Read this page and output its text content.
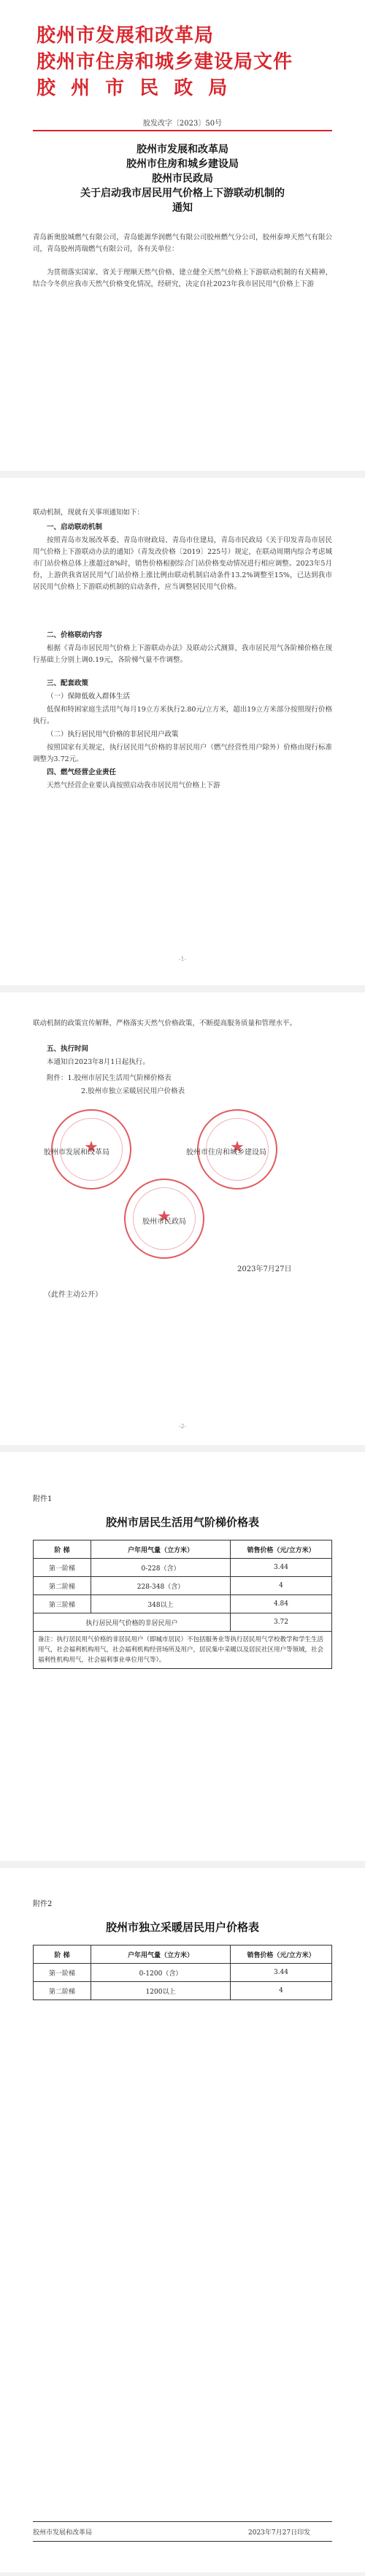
胶州市发展和改革局
胶州市住房和城乡建设局文件
胶 州 市 民 政 局
胶发改字〔2023〕50号
胶州市发展和改革局
胶州市住房和城乡建设局
胶州市民政局
关于启动我市居民用气价格上下游联动机制的
通知
青岛新奥胶城燃气有限公司，青岛能源华润燃气有限公司胶州燃气分公司，胶州泰坤天然气有限公司，青岛胶州湾瑞燃气有限公司，各有关单位：
为贯彻落实国家、省关于理顺天然气价格、建立健全天然气价格上下游联动机制的有关精神，结合今冬供应我市天然气价格变化情况，经研究，决定自社2023年我市居民用气价格上下游
联动机制，现就有关事项通知如下：
一、启动联动机制
按照青岛市发展改革委、青岛市财政局、青岛市住建局，青岛市民政局《关于印发青岛市居民用气价格上下游联动办法的通知》（青发改价格〔2019〕225号）规定，在联动周期内综合考虑城市门站价格总体上涨超过8%时，销售价格根据综合门站价格变动情况进行相应调整。2023年5月份，上游供我省居民用气门站价格上涨比例由联动机制启动条件13.2%调整至15%，已达到我市居民用气价格上下游联动机制的启动条件，应当调整居民用气价格。
二、价格联动内容
根据《青岛市居民用气价格上下游联动办法》及联动公式测算，我市居民用气各阶梯价格在现行基础上分别上调0.19元，各阶梯气量不作调整。
三、配套政策
（一）保障低收入群体生活
低保和特困家庭生活用气每月19立方米执行2.80元/立方米，超出19立方米部分按照现行价格执行。
（二）执行居民用气价格的非居民用户政策
按照国家有关规定，执行居民用气价格的非居民用户（燃气经营性用户除外）价格由现行标准调整为3.72元。
四、燃气经营企业责任
天然气经营企业要认真按照启动我市居民用气价格上下游
-1-
联动机制的政策宣传解释，严格落实天然气价格政策，不断提高服务质量和管理水平。
五、执行时间
本通知自2023年8月1日起执行。
附件：1.胶州市居民生活用气阶梯价格表
2.胶州市独立采暖居民用户价格表
★
★
★
胶州市发展和改革局	胶州市住房和城乡建设局
胶州市民政局
2023年7月27日
（此件主动公开）
-2-
附件1
胶州市居民生活用气阶梯价格表
阶 梯	户年用气量（立方米）	销售价格（元/立方米）
第一阶梯	0-228（含）	3.44
第二阶梯	228-348（含）	4
第三阶梯	348以上	4.84
执行居民用气价格的非居民用户		3.72
备注：执行居民用气价格的非居民用户（即城市居民）不包括服务业等执行居民用气学校教学和学生生活用气，社会福利机构用气，社会福利机构经营场所及用户，居民集中采暖以及居民社区用户等领域，社会福利性机构用气，社会福利事业单位用气等）。		
附件2
胶州市独立采暖居民用户价格表
阶 梯	户年用气量（立方米）	销售价格（元/立方米）
第一阶梯	0-1200（含）	3.44
第二阶梯	1200以上	4
胶州市发展和改革局	2023年7月27日印发
